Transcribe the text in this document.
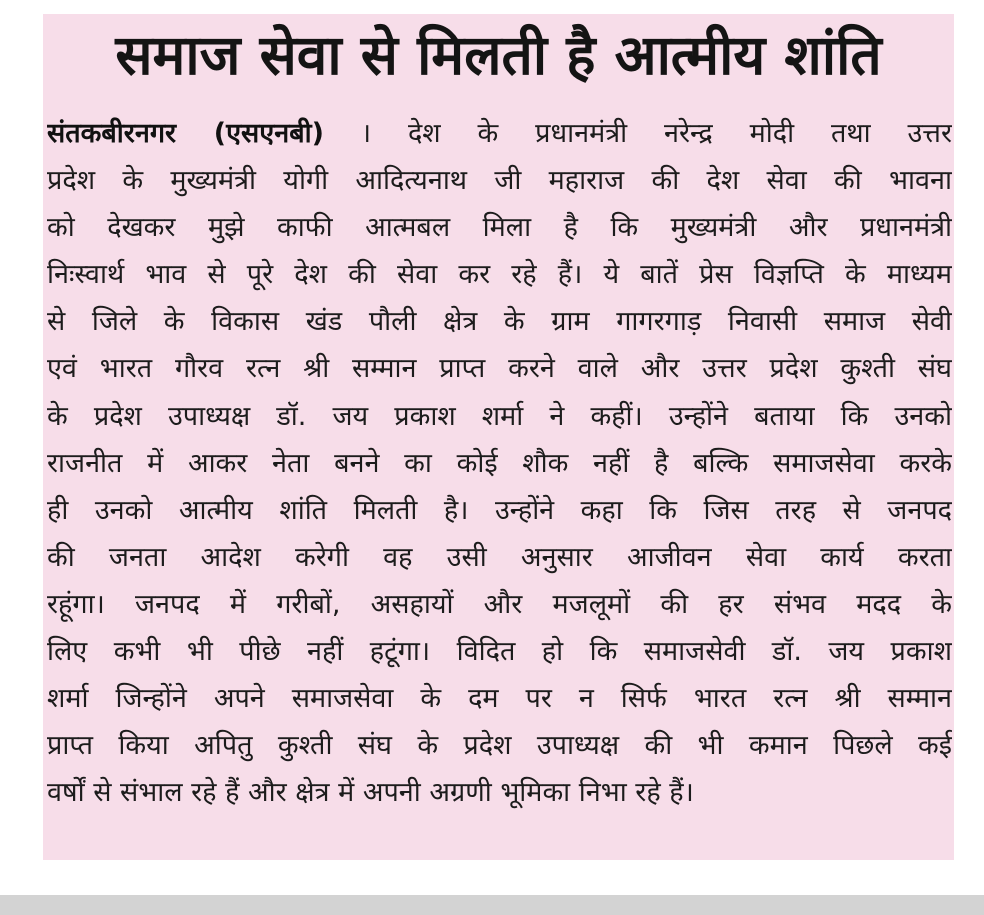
समाज सेवा से मिलती है आत्मीय शांति
संतकबीरनगर (एसएनबी) । देश के प्रधानमंत्री नरेन्द्र मोदी तथा उत्तर
प्रदेश के मुख्यमंत्री योगी आदित्यनाथ जी महाराज की देश सेवा की भावना
को देखकर मुझे काफी आत्मबल मिला है कि मुख्यमंत्री और प्रधानमंत्री
निःस्वार्थ भाव से पूरे देश की सेवा कर रहे हैं। ये बातें प्रेस विज्ञप्ति के माध्यम
से जिले के विकास खंड पौली क्षेत्र के ग्राम गागरगाड़ निवासी समाज सेवी
एवं भारत गौरव रत्न श्री सम्मान प्राप्त करने वाले और उत्तर प्रदेश कुश्ती संघ
के प्रदेश उपाध्यक्ष डॉ. जय प्रकाश शर्मा ने कहीं। उन्होंने बताया कि उनको
राजनीत में आकर नेता बनने का कोई शौक नहीं है बल्कि समाजसेवा करके
ही उनको आत्मीय शांति मिलती है। उन्होंने कहा कि जिस तरह से जनपद
की जनता आदेश करेगी वह उसी अनुसार आजीवन सेवा कार्य करता
रहूंगा। जनपद में गरीबों, असहायों और मजलूमों की हर संभव मदद के
लिए कभी भी पीछे नहीं हटूंगा। विदित हो कि समाजसेवी डॉ. जय प्रकाश
शर्मा जिन्होंने अपने समाजसेवा के दम पर न सिर्फ भारत रत्न श्री सम्मान
प्राप्त किया अपितु कुश्ती संघ के प्रदेश उपाध्यक्ष की भी कमान पिछले कई
वर्षों से संभाल रहे हैं और क्षेत्र में अपनी अग्रणी भूमिका निभा रहे हैं।
